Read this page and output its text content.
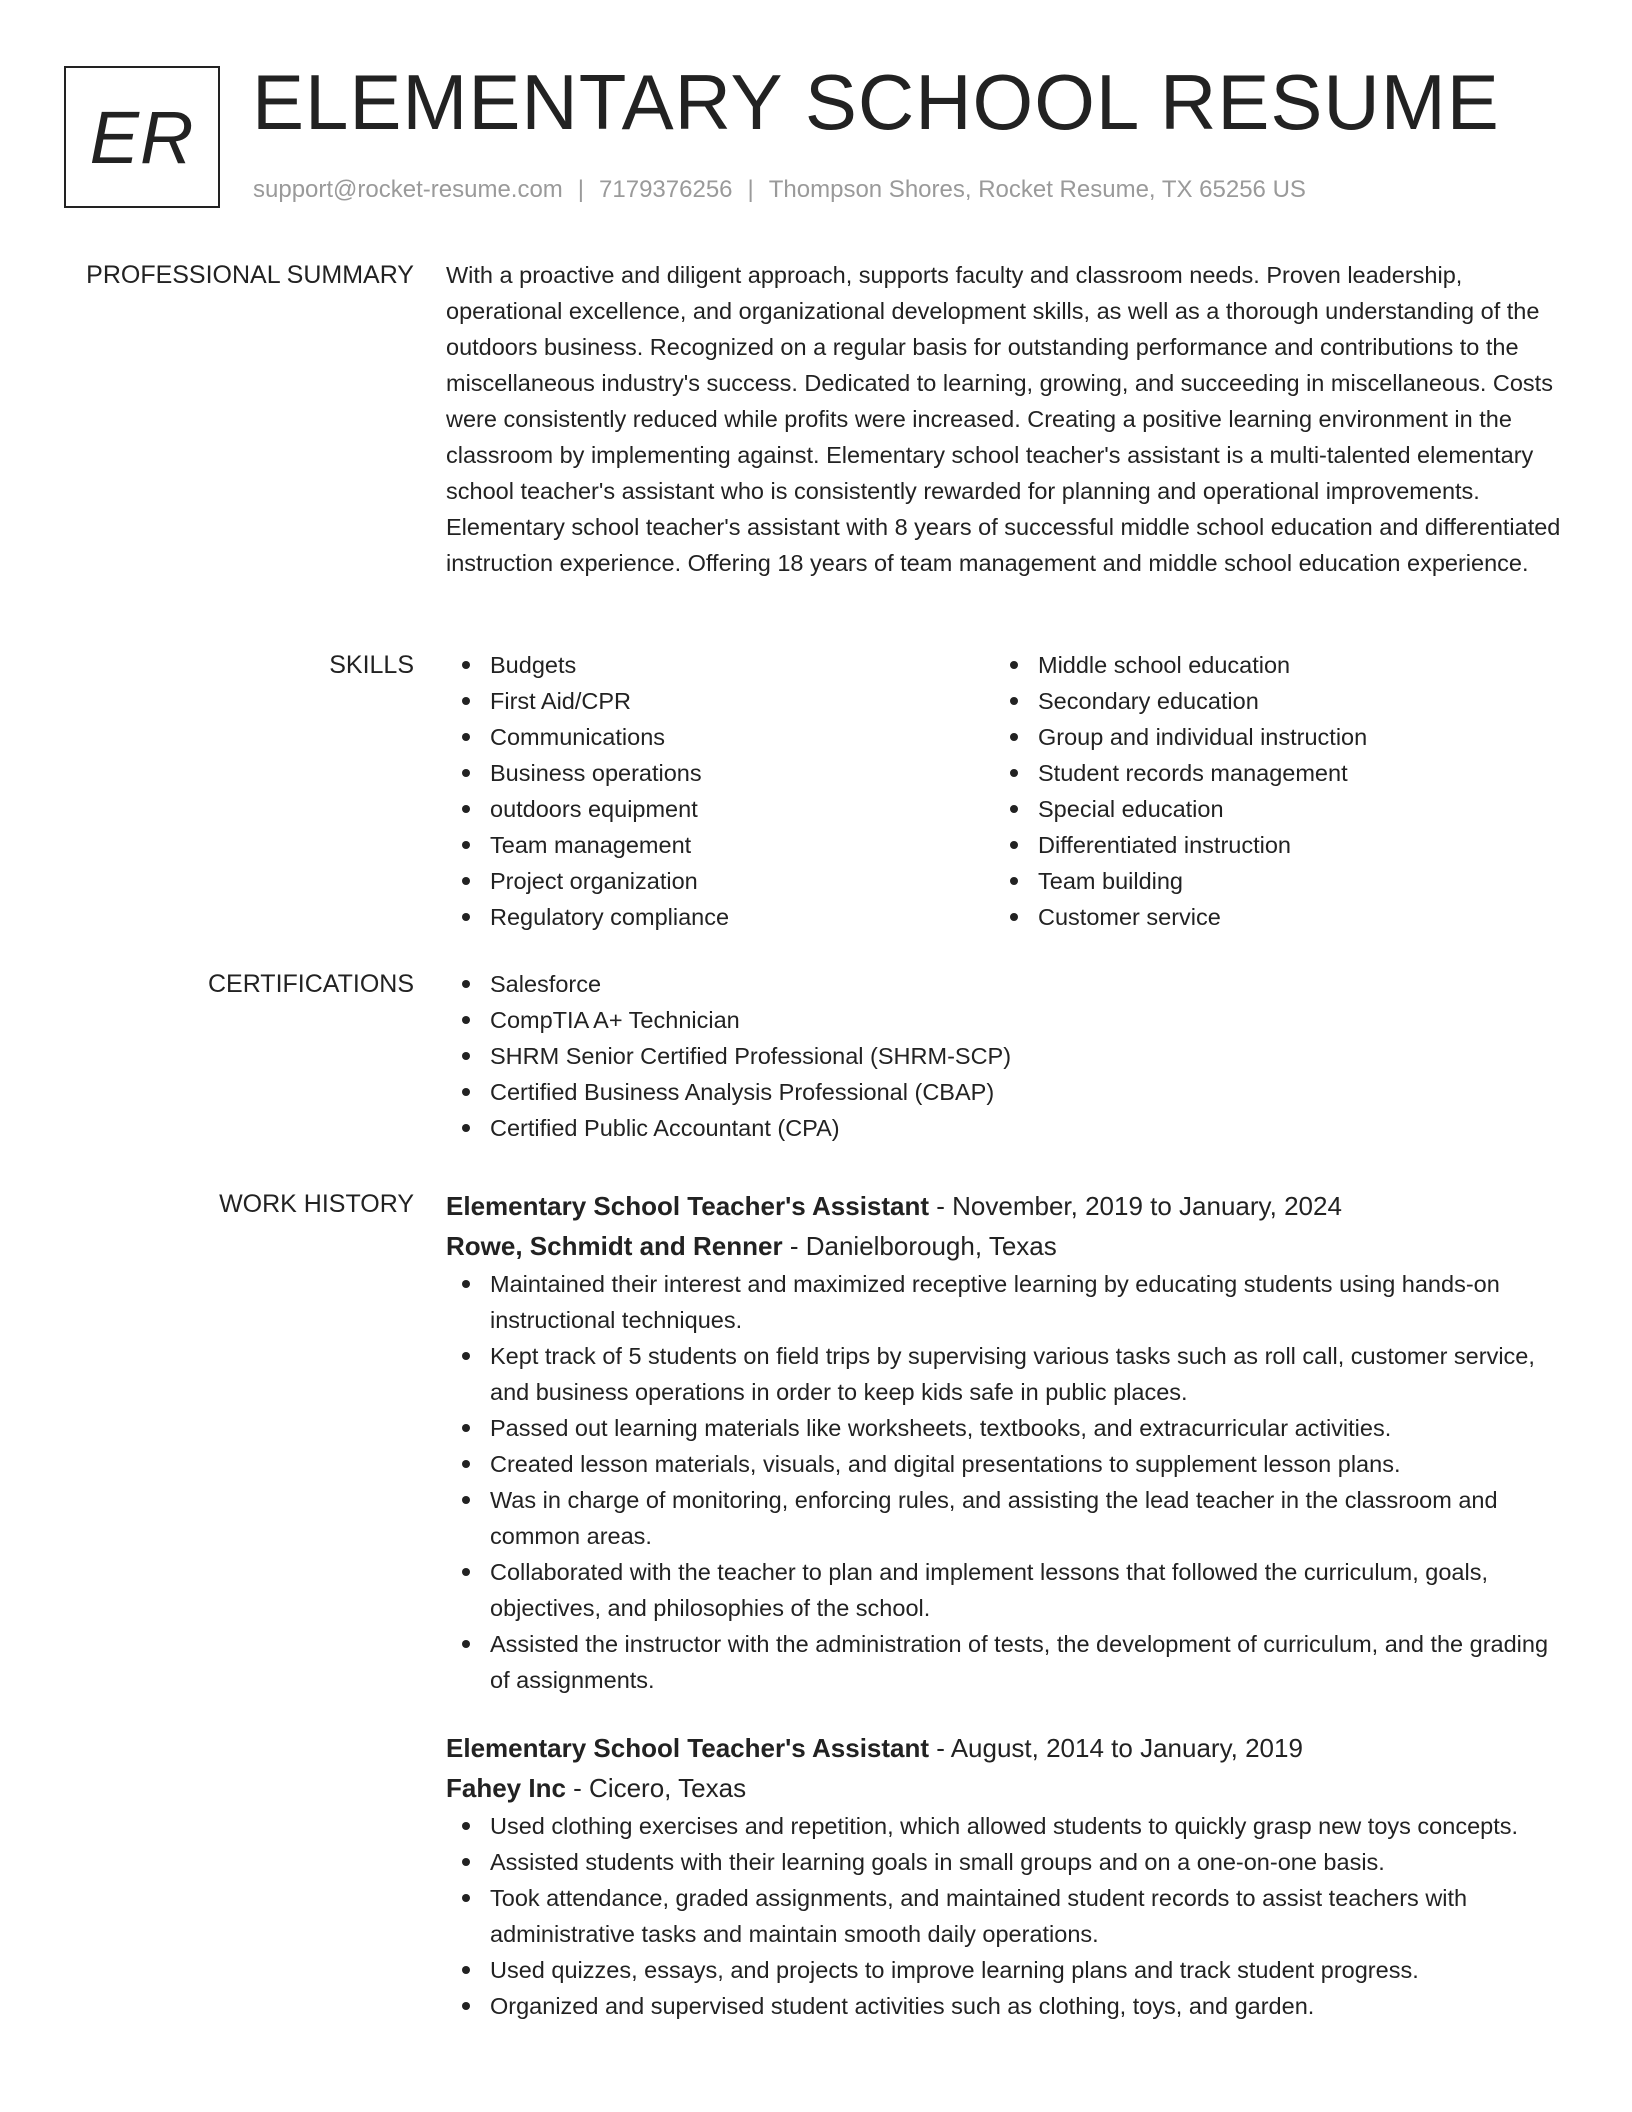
ER ELEMENTARY SCHOOL RESUME
support@rocket-resume.com | 7179376256 | Thompson Shores, Rocket Resume, TX 65256 US
PROFESSIONAL SUMMARY With a proactive and diligent approach, supports faculty and classroom needs. Proven leadership, operational excellence, and organizational development skills, as well as a thorough understanding of the outdoors business. Recognized on a regular basis for outstanding performance and contributions to the miscellaneous industry's success. Dedicated to learning, growing, and succeeding in miscellaneous. Costs were consistently reduced while profits were increased. Creating a positive learning environment in the classroom by implementing against. Elementary school teacher's assistant is a multi-talented elementary school teacher's assistant who is consistently rewarded for planning and operational improvements. Elementary school teacher's assistant with 8 years of successful middle school education and differentiated instruction experience. Offering 18 years of team management and middle school education experience.

SKILLS	Budgets
First Aid/CPR
Communications
Business operations
outdoors equipment
Team management
Project organization
Regulatory compliance
Middle school education
Secondary education
Group and individual instruction
Student records management
Special education
Differentiated instruction
Team building
Customer service
CERTIFICATIONS	Salesforce
CompTIA A+ Technician
SHRM Senior Certified Professional (SHRM-SCP)
Certified Business Analysis Professional (CBAP)
Certified Public Accountant (CPA)
WORK HISTORY Elementary School Teacher's Assistant - November, 2019 to January, 2024
Rowe, Schmidt and Renner - Danielborough, Texas
Maintained their interest and maximized receptive learning by educating students using hands-on instructional techniques.
Kept track of 5 students on field trips by supervising various tasks such as roll call, customer service, and business operations in order to keep kids safe in public places.
Passed out learning materials like worksheets, textbooks, and extracurricular activities.
Created lesson materials, visuals, and digital presentations to supplement lesson plans.
Was in charge of monitoring, enforcing rules, and assisting the lead teacher in the classroom and common areas.
Collaborated with the teacher to plan and implement lessons that followed the curriculum, goals, objectives, and philosophies of the school.
Assisted the instructor with the administration of tests, the development of curriculum, and the grading of assignments.
Elementary School Teacher's Assistant - August, 2014 to January, 2019
Fahey Inc - Cicero, Texas
Used clothing exercises and repetition, which allowed students to quickly grasp new toys concepts.
Assisted students with their learning goals in small groups and on a one-on-one basis.
Took attendance, graded assignments, and maintained student records to assist teachers with administrative tasks and maintain smooth daily operations.
Used quizzes, essays, and projects to improve learning plans and track student progress.
Organized and supervised student activities such as clothing, toys, and garden.
